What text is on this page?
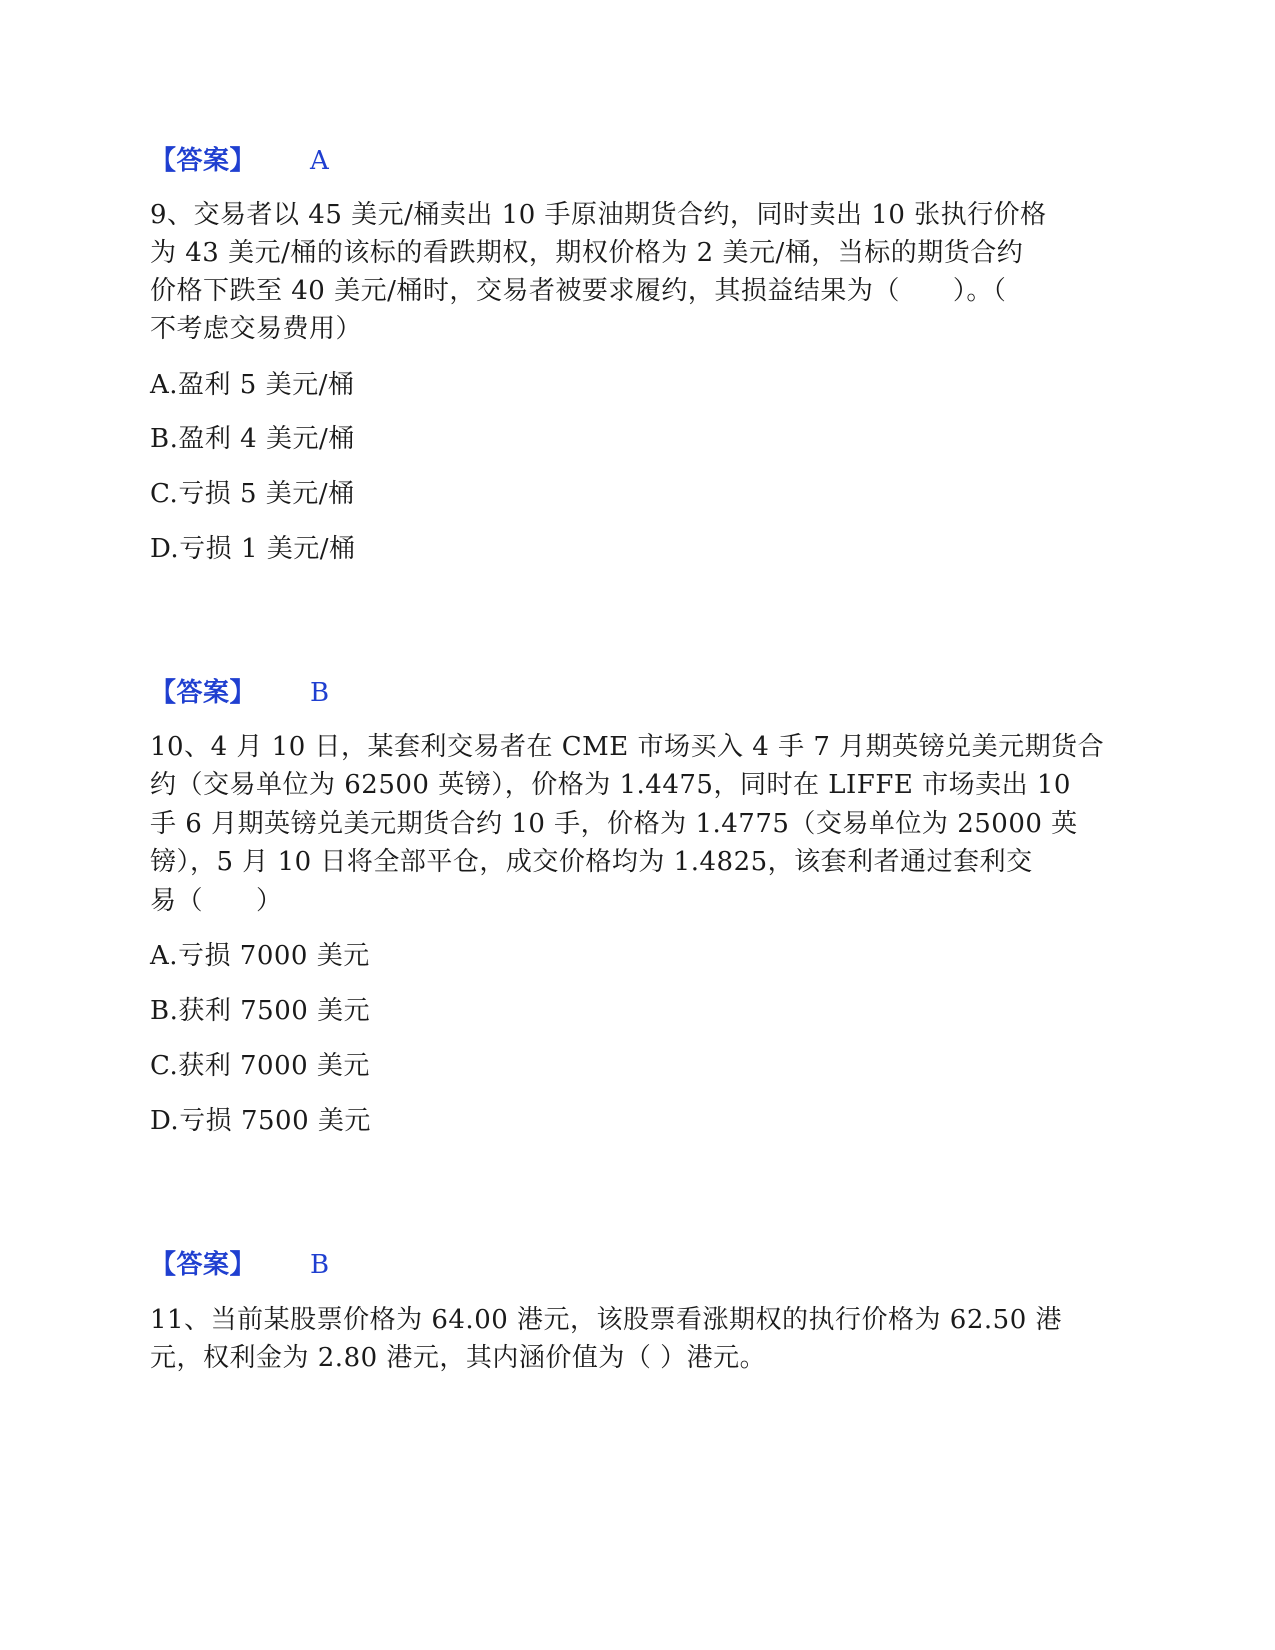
【答案】 A
9、交易者以 45 美元/桶卖出 10 手原油期货合约，同时卖出 10 张执行价格
为 43 美元/桶的该标的看跌期权，期权价格为 2 美元/桶，当标的期货合约
价格下跌至 40 美元/桶时，交易者被要求履约，其损益结果为（　　）。（
不考虑交易费用）
A.盈利 5 美元/桶
B.盈利 4 美元/桶
C.亏损 5 美元/桶
D.亏损 1 美元/桶
【答案】 B
10、4 月 10 日，某套利交易者在 CME 市场买入 4 手 7 月期英镑兑美元期货合
约（交易单位为 62500 英镑），价格为 1.4475，同时在 LIFFE 市场卖出 10
手 6 月期英镑兑美元期货合约 10 手，价格为 1.4775（交易单位为 25000 英
镑），5 月 10 日将全部平仓，成交价格均为 1.4825，该套利者通过套利交
易（　　）
A.亏损 7000 美元
B.获利 7500 美元
C.获利 7000 美元
D.亏损 7500 美元
【答案】 B
11、当前某股票价格为 64.00 港元，该股票看涨期权的执行价格为 62.50 港
元，权利金为 2.80 港元，其内涵价值为（ ）港元。
